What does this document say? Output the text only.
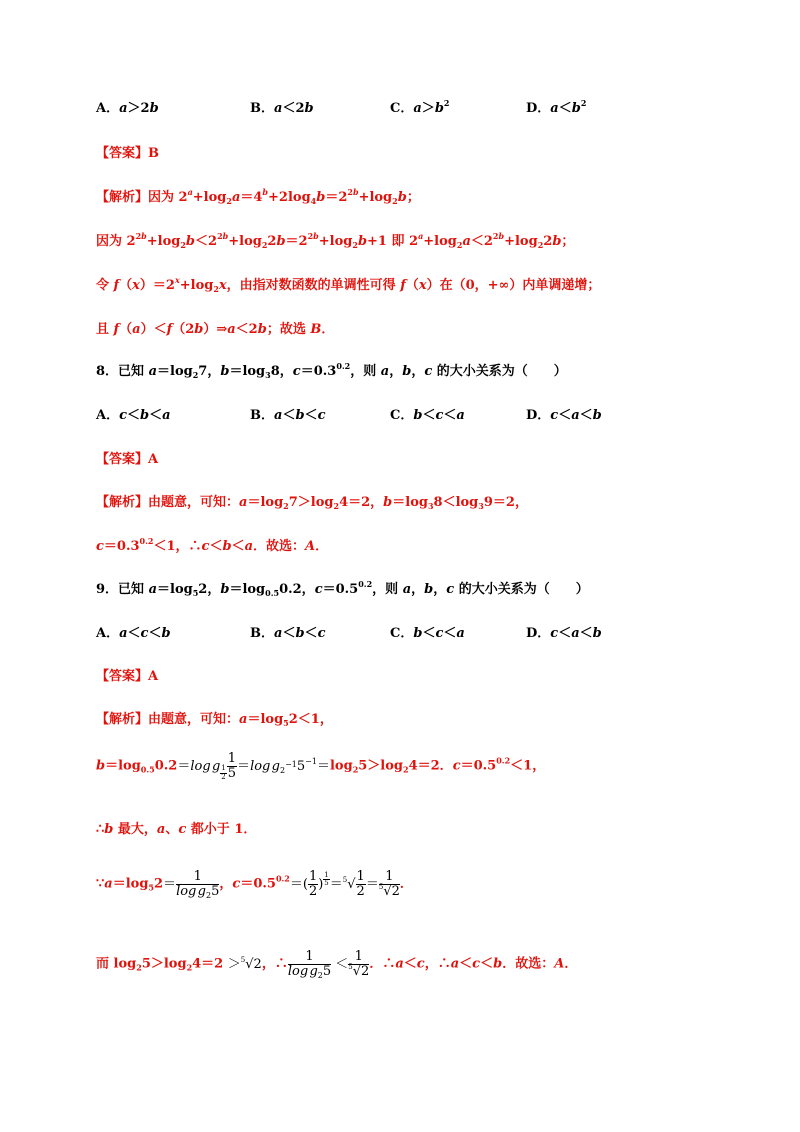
A．a＞2b	B．a＜2b	C．$a>b^2$	D．$a<b^2$
【答案】B
【解析】因为 $2^a+\log_2a=4^b+2\log_4b=2^{2b}+\log_2b$；
因为 $2^{2b}+\log_2b<2^{2b}+\log_22b=2^{2b}+\log_2b+1$ 即 $2^a+\log_2a<2^{2b}+\log_22b$；
令 $f(x)=2^x+\log_2x$，由指对数函数的单调性可得 f（x）在（0，+∞）内单调递增；
且 f（a）＜f（2b）⇒a＜2b；故选 B．
8．已知 $a=\log_27$，$b=\log_38$，$c=0.3^{0.2}$，则 a，b，c 的大小关系为（  ）
A．c＜b＜a	B．a＜b＜c	C．b＜c＜a	D．c＜a＜b
【答案】A
【解析】由题意，可知：$a=\log_27>\log_24=2$，$b=\log_38<\log_39=2$，
$c=0.3^{0.2}<1$，∴c＜b＜a．故选：A．
9．已知 $a=\log_52$，$b=\log_{0.5}0.2$，$c=0.5^{0.2}$，则 a，b，c 的大小关系为（  ）
A．a＜c＜b	B．a＜b＜c	C．b＜c＜a	D．c＜a＜b
【答案】A
【解析】由题意，可知：$a=\log_52<1$，
$b=\log_{0.5}0.2=\log$ g $_{\frac{1}{2}} \frac{1}{5} =\log$ $g_{2^{-1}}5^{-1}=\log_25>\log_24=2$．$c=0.5^{0.2}<1$，
∴b 最大，a、c 都小于 1．
$\because a=\log_52= \frac{1}{\log g_25}$ ，$c=0.5^{0.2}=( \frac{1}{2}$ ) $^{\frac{1}{5}} =^5√ \frac{1}{2} = \frac{1}{^5√2}$ ．
而 $\log_25>\log_24=2 >^5√2$，∴ $\frac{1}{\log g_25} < \frac{1}{^5√2}$ ．∴a＜c，∴a＜c＜b．故选：A．
